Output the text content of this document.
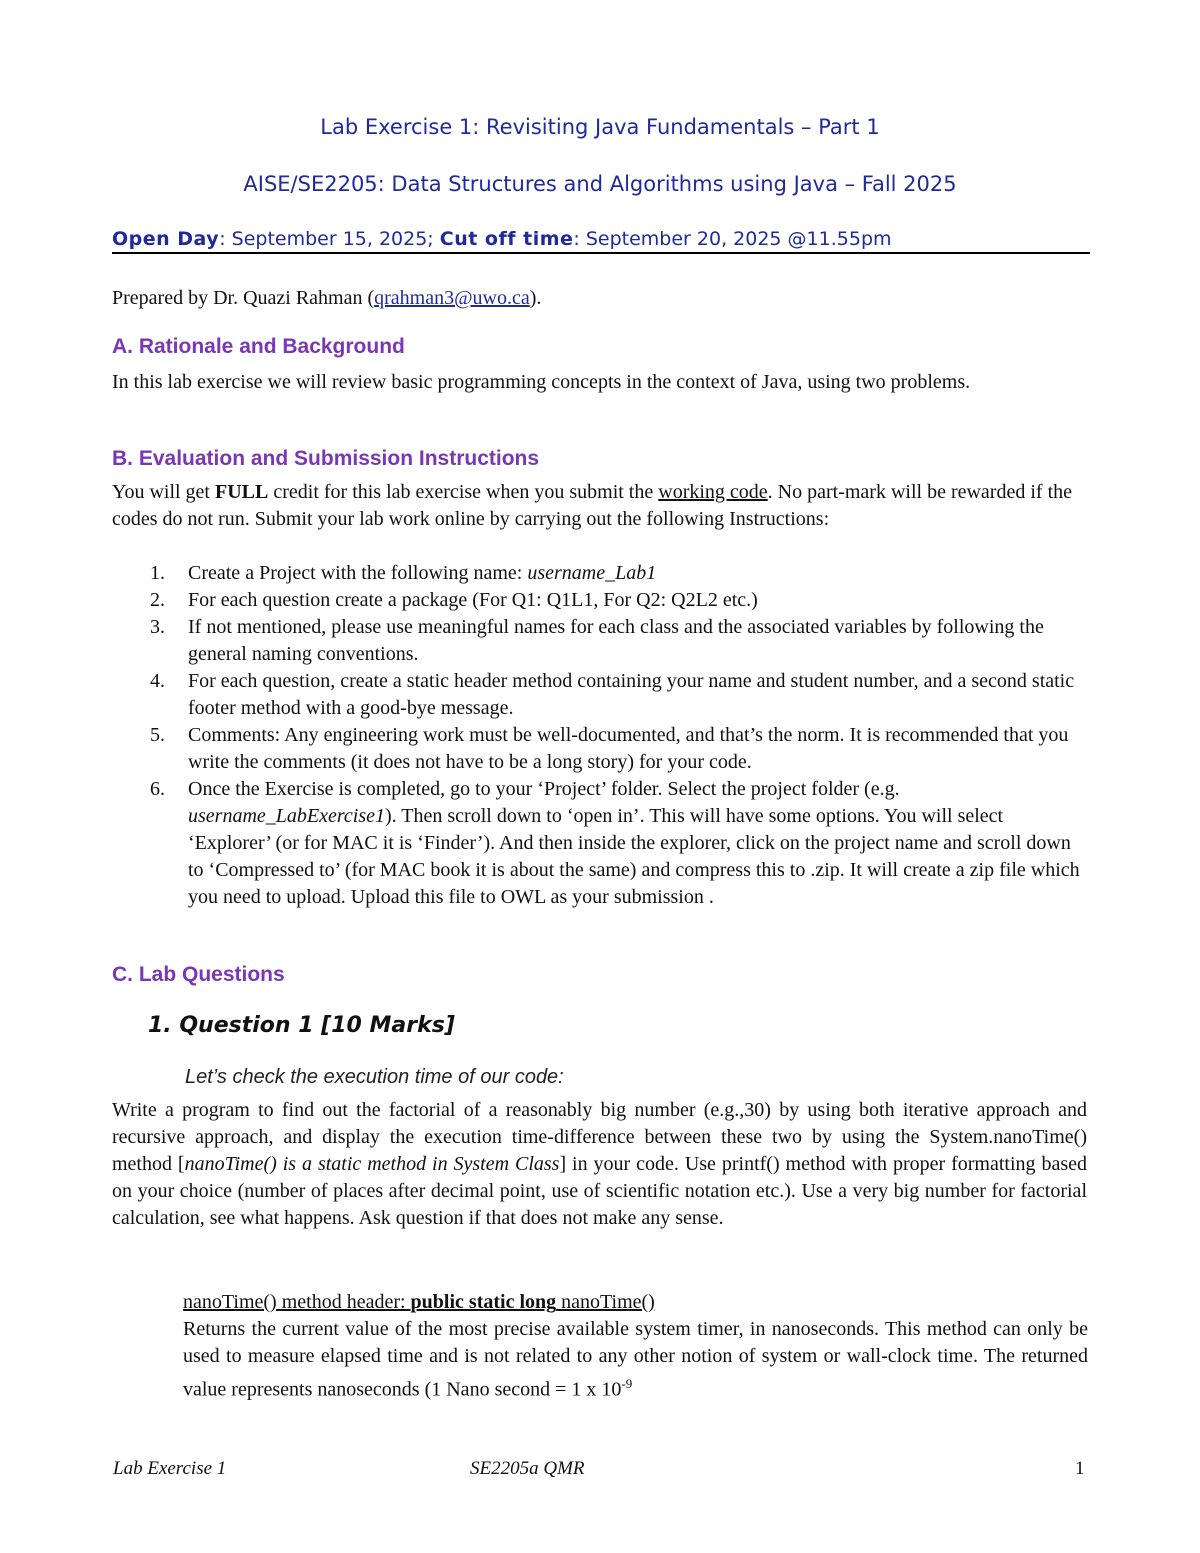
Lab Exercise 1: Revisiting Java Fundamentals – Part 1
AISE/SE2205: Data Structures and Algorithms using Java – Fall 2025
Open Day: September 15, 2025; Cut off time: September 20, 2025 @11.55pm
Prepared by Dr. Quazi Rahman (qrahman3@uwo.ca).
A. Rationale and Background
In this lab exercise we will review basic programming concepts in the context of Java, using two problems.
B. Evaluation and Submission Instructions
You will get FULL credit for this lab exercise when you submit the working code. No part-mark will be rewarded if the codes do not run. Submit your lab work online by carrying out the following Instructions:
1. Create a Project with the following name: username_Lab1
2. For each question create a package (For Q1: Q1L1, For Q2: Q2L2 etc.)
3. If not mentioned, please use meaningful names for each class and the associated variables by following the general naming conventions.
4. For each question, create a static header method containing your name and student number, and a second static footer method with a good-bye message.
5. Comments: Any engineering work must be well-documented, and that’s the norm. It is recommended that you write the comments (it does not have to be a long story) for your code.
6. Once the Exercise is completed, go to your ‘Project’ folder. Select the project folder (e.g. username_LabExercise1). Then scroll down to ‘open in’. This will have some options. You will select ‘Explorer’ (or for MAC it is ‘Finder’). And then inside the explorer, click on the project name and scroll down to ‘Compressed to’ (for MAC book it is about the same) and compress this to .zip. It will create a zip file which you need to upload. Upload this file to OWL as your submission .
C. Lab Questions
1. Question 1 [10 Marks]
Let’s check the execution time of our code:
Write a program to find out the factorial of a reasonably big number (e.g.,30) by using both iterative approach and recursive approach, and display the execution time-difference between these two by using the System.nanoTime() method [nanoTime() is a static method in System Class] in your code. Use printf() method with proper formatting based on your choice (number of places after decimal point, use of scientific notation etc.). Use a very big number for factorial calculation, see what happens. Ask question if that does not make any sense.
nanoTime() method header: public static long nanoTime()
Returns the current value of the most precise available system timer, in nanoseconds. This method can only be used to measure elapsed time and is not related to any other notion of system or wall-clock time. The returned value represents nanoseconds (1 Nano second = 1 x $10^{-9}$
Lab Exercise 1	SE2205a QMR	1
